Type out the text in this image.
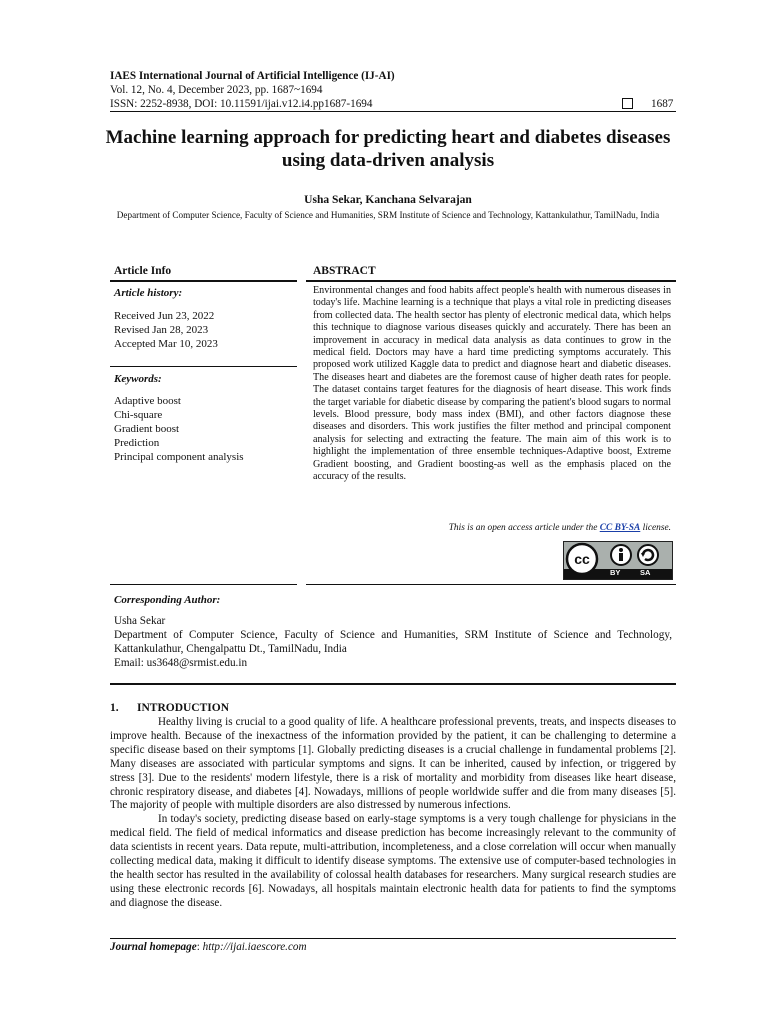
IAES International Journal of Artificial Intelligence (IJ-AI)
Vol. 12, No. 4, December 2023, pp. 1687~1694
ISSN: 2252-8938, DOI: 10.11591/ijai.v12.i4.pp1687-1694	1687
Machine learning approach for predicting heart and diabetes diseases using data-driven analysis
Usha Sekar, Kanchana Selvarajan
Department of Computer Science, Faculty of Science and Humanities, SRM Institute of Science and Technology, Kattankulathur, TamilNadu, India
Article Info	ABSTRACT
Article history:
Received Jun 23, 2022
Revised Jan 28, 2023
Accepted Mar 10, 2023
Keywords:
Adaptive boost
Chi-square
Gradient boost
Prediction
Principal component analysis
Environmental changes and food habits affect people's health with numerous diseases in today's life. Machine learning is a technique that plays a vital role in predicting diseases from collected data. The health sector has plenty of electronic medical data, which helps this technique to diagnose various diseases quickly and accurately. There has been an improvement in accuracy in medical data analysis as data continues to grow in the medical field. Doctors may have a hard time predicting symptoms accurately. This proposed work utilized Kaggle data to predict and diagnose heart and diabetic diseases. The diseases heart and diabetes are the foremost cause of higher death rates for people. The dataset contains target features for the diagnosis of heart disease. This work finds the target variable for diabetic disease by comparing the patient's blood sugars to normal levels. Blood pressure, body mass index (BMI), and other factors diagnose these diseases and disorders. This work justifies the filter method and principal component analysis for selecting and extracting the feature. The main aim of this work is to highlight the implementation of three ensemble techniques-Adaptive boost, Extreme Gradient boosting, and Gradient boosting-as well as the emphasis placed on the accuracy of the results.
This is an open access article under the CC BY-SA license.
cc
BY	SA
Corresponding Author:
Usha Sekar
Department of Computer Science, Faculty of Science and Humanities, SRM Institute of Science and Technology, Kattankulathur, Chengalpattu Dt., TamilNadu, India
Email: us3648@srmist.edu.in
1. INTRODUCTION

Healthy living is crucial to a good quality of life. A healthcare professional prevents, treats, and inspects diseases to improve health. Because of the inexactness of the information provided by the patient, it can be challenging to determine a specific disease based on their symptoms [1]. Globally predicting diseases is a crucial challenge in fundamental problems [2]. Many diseases are associated with particular symptoms and signs. It can be inherited, caused by infection, or triggered by stress [3]. Due to the residents' modern lifestyle, there is a risk of mortality and morbidity from diseases like heart disease, chronic respiratory disease, and diabetes [4]. Nowadays, millions of people worldwide suffer and die from many diseases [5]. The majority of people with multiple disorders are also distressed by numerous infections.

In today's society, predicting disease based on early-stage symptoms is a very tough challenge for physicians in the medical field. The field of medical informatics and disease prediction has become increasingly relevant to the community of data scientists in recent years. Data repute, multi-attribution, incompleteness, and a close correlation will occur when manually collecting medical data, making it difficult to identify disease symptoms. The extensive use of computer-based technologies in the health sector has resulted in the availability of colossal health databases for researchers. Many surgical research studies are using these electronic records [6]. Nowadays, all hospitals maintain electronic health data for patients to find the symptoms and diagnose the disease.

Journal homepage: http://ijai.iaescore.com
